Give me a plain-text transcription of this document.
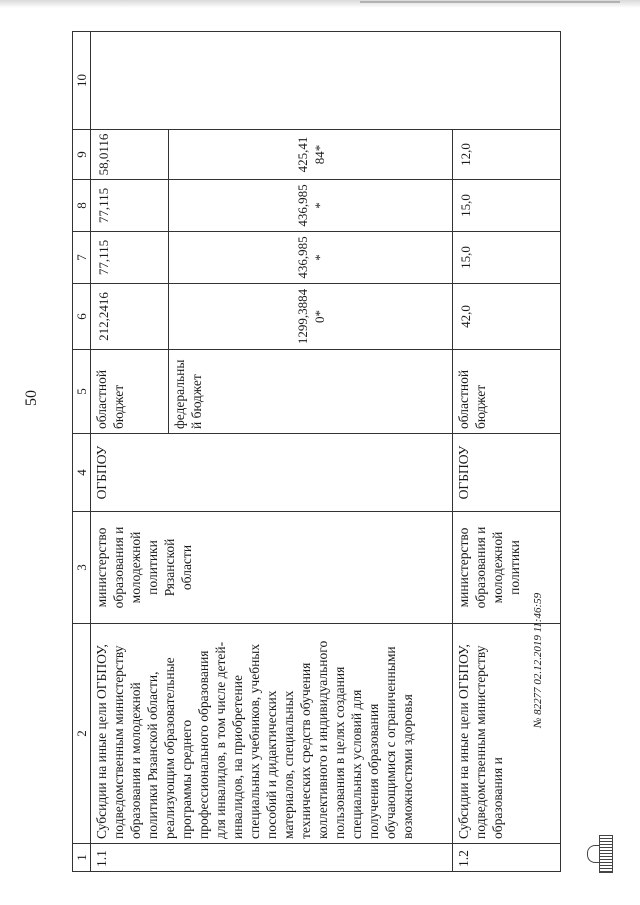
50
1	2	3	4	5	6	7	8	9	10
1.1	Субсидии на иные цели ОГБПОУ, подведомственным министерству образования и молодежной политики Рязанской области, реализующим образовательные программы среднего профессионального образования для инвалидов, в том числе детей-инвалидов, на приобретение специальных учебников, учебных пособий и дидактических материалов, специальных технических средств обучения коллективного и индивидуального пользования в целях создания специальных условий для получения образования обучающимися с ограниченными возможностями здоровья	министерство образования и молодежной политики Рязанской области	ОГБПОУ	областной бюджет	212,2416	77,115	77,115	58,0116	
				федеральный бюджет	1299,38840*	436,985*	436,985*	425,4184*	
1.2	Субсидии на иные цели ОГБПОУ, подведомственным министерству образования и	министерство образования и молодежной политики	ОГБПОУ	областной бюджет	42,0	15,0	15,0	12,0	
№ 82277 02.12.2019 11:46:59
